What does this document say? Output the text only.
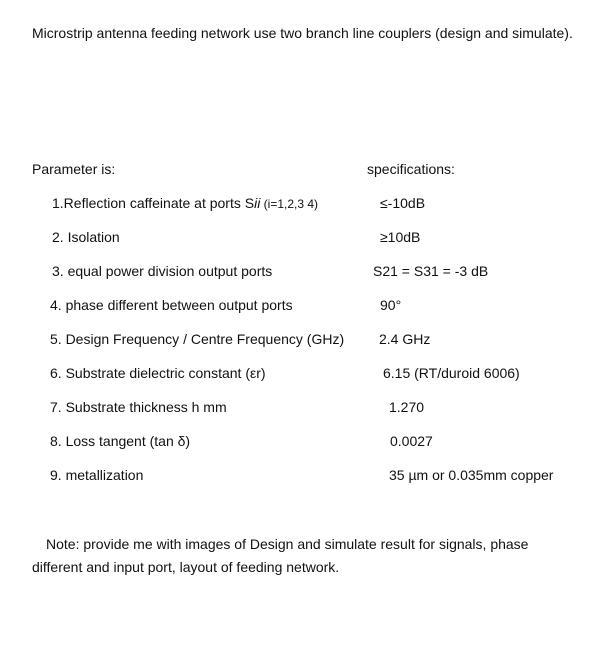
Microstrip antenna feeding network use two branch line couplers (design and simulate).
Parameter is:	specifications:
1.Reflection caffeinate at ports Sii (i=1,2,3 4)	≤-10dB
2. Isolation	≥10dB
3. equal power division output ports	S21 = S31 = -3 dB
4. phase different between output ports	90°
5. Design Frequency / Centre Frequency (GHz) 2.4 GHz
6. Substrate dielectric constant (εr)	6.15 (RT/duroid 6006)
7. Substrate thickness h mm	1.270
8. Loss tangent (tan δ)	0.0027
9. metallization	35 µm or 0.035mm copper
Note: provide me with images of Design and simulate result for signals, phase different and input port, layout of feeding network.
